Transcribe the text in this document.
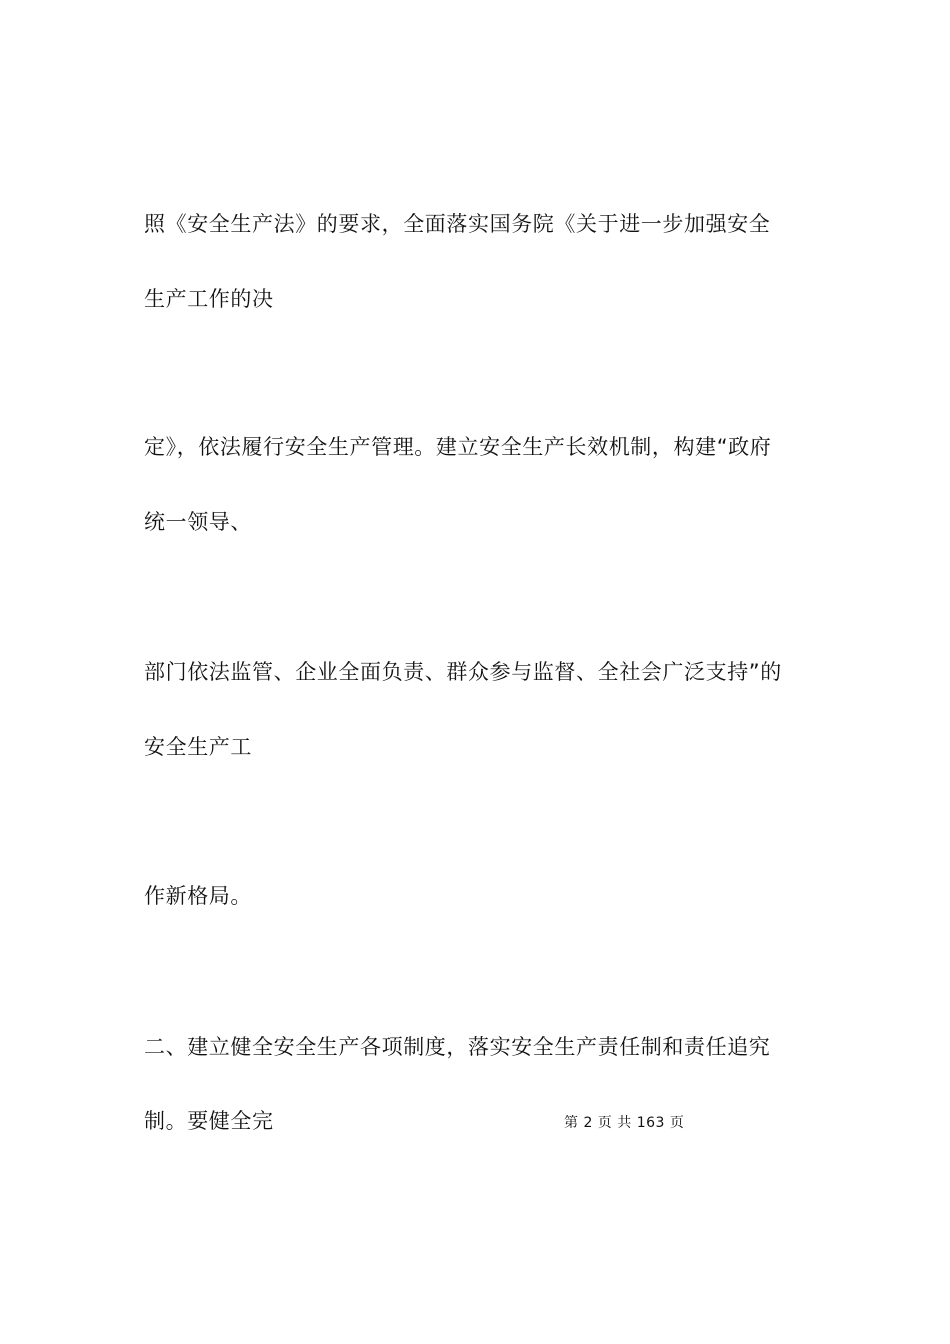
照《安全生产法》的要求，全面落实国务院《关于进一步加强安全
生产工作的决
定》，依法履行安全生产管理。建立安全生产长效机制，构建“政府
统一领导、
部门依法监管、企业全面负责、群众参与监督、全社会广泛支持”的
安全生产工
作新格局。
二、建立健全安全生产各项制度，落实安全生产责任制和责任追究
制。要健全完	第 2 页 共 163 页
